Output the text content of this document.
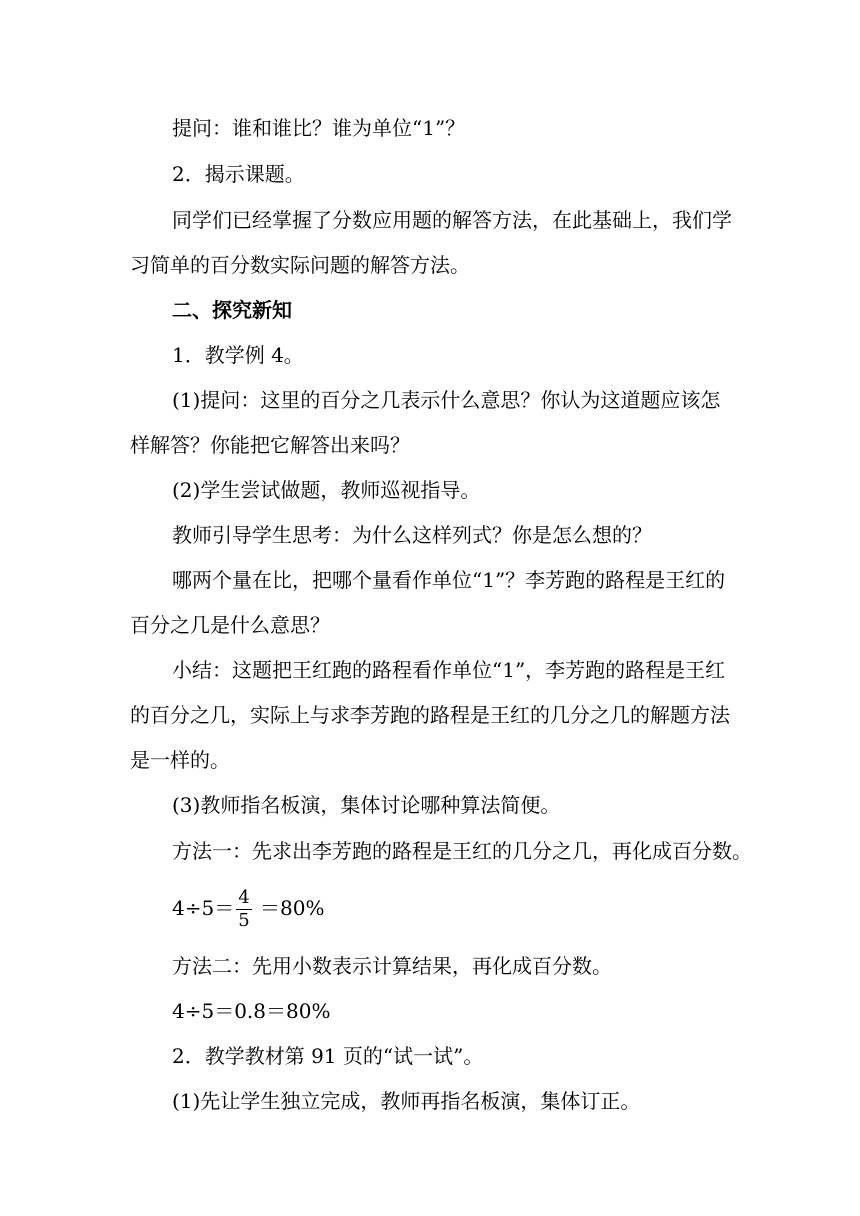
提问：谁和谁比？谁为单位“1”？
2．揭示课题。
同学们已经掌握了分数应用题的解答方法，在此基础上，我们学
习简单的百分数实际问题的解答方法。
二、探究新知
1．教学例 4。
(1)提问：这里的百分之几表示什么意思？你认为这道题应该怎
样解答？你能把它解答出来吗？
(2)学生尝试做题，教师巡视指导。
教师引导学生思考：为什么这样列式？你是怎么想的？
哪两个量在比，把哪个量看作单位“1”？李芳跑的路程是王红的
百分之几是什么意思？
小结：这题把王红跑的路程看作单位“1”，李芳跑的路程是王红
的百分之几，实际上与求李芳跑的路程是王红的几分之几的解题方法
是一样的。
(3)教师指名板演，集体讨论哪种算法简便。
方法一：先求出李芳跑的路程是王红的几分之几，再化成百分数。
$4\div 5= \frac{4}{5} =80\%$
方法二：先用小数表示计算结果，再化成百分数。
4÷5＝0.8＝80%
2．教学教材第 91 页的“试一试”。
(1)先让学生独立完成，教师再指名板演，集体订正。
